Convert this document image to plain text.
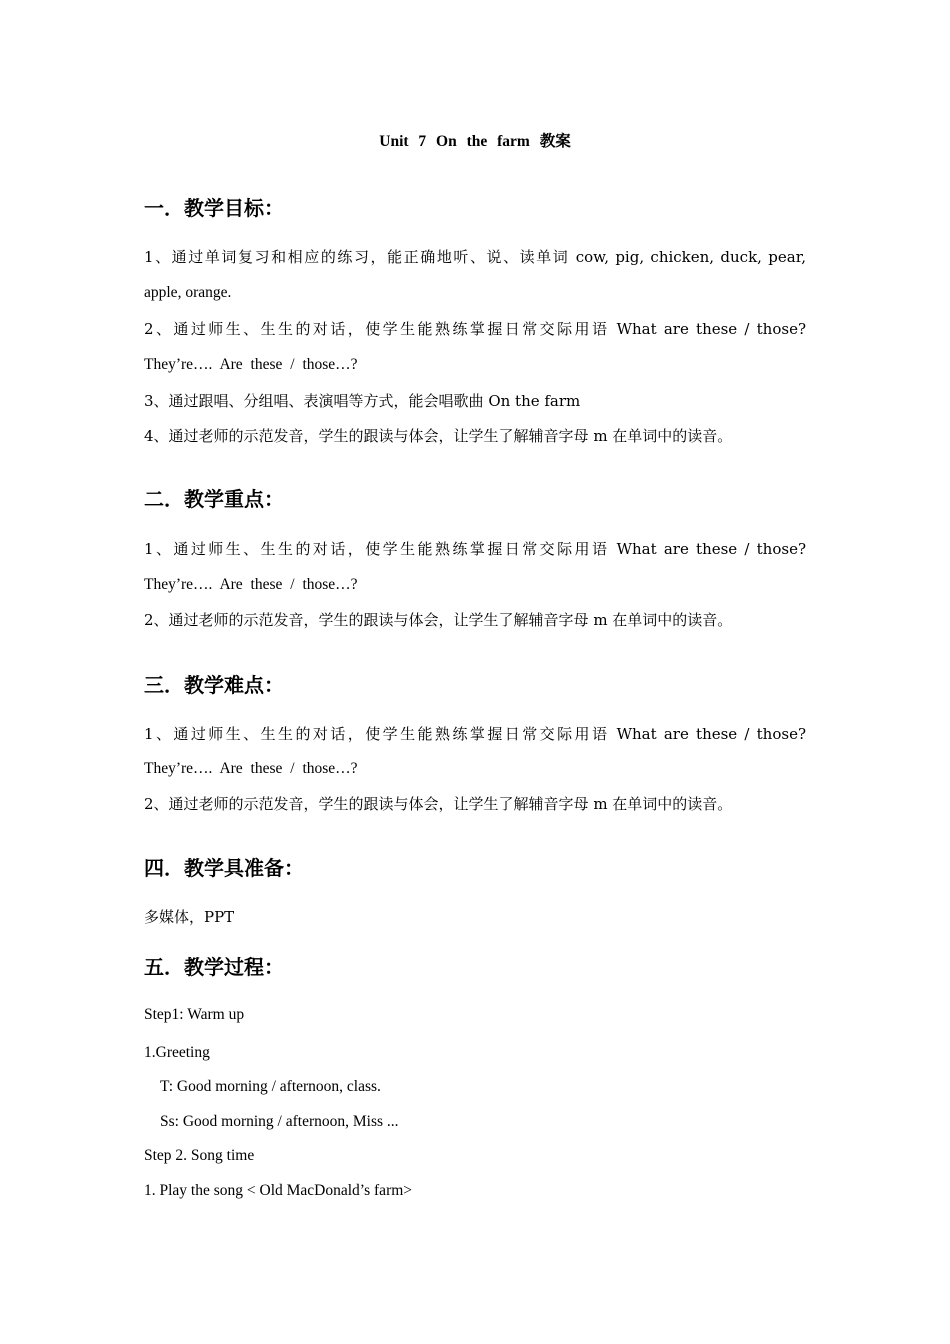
Unit 7 On the farm 教案
一．教学目标：
1、通过单词复习和相应的练习，能正确地听、说、读单词 cow, pig, chicken, duck, pear,
apple, orange.
2、通过师生、生生的对话，使学生能熟练掌握日常交际用语 What are these / those?
They’re…. Are these / those…?
3、通过跟唱、分组唱、表演唱等方式，能会唱歌曲 On the farm
4、通过老师的示范发音，学生的跟读与体会，让学生了解辅音字母 m 在单词中的读音。
二．教学重点：
1、通过师生、生生的对话，使学生能熟练掌握日常交际用语 What are these / those?
They’re…. Are these / those…?
2、通过老师的示范发音，学生的跟读与体会，让学生了解辅音字母 m 在单词中的读音。
三．教学难点：
1、通过师生、生生的对话，使学生能熟练掌握日常交际用语 What are these / those?
They’re…. Are these / those…?
2、通过老师的示范发音，学生的跟读与体会，让学生了解辅音字母 m 在单词中的读音。
四．教学具准备：
多媒体，PPT
五．教学过程：
Step1: Warm up
1.Greeting
T: Good morning / afternoon, class.
Ss: Good morning / afternoon, Miss ...
Step 2. Song time
1. Play the song < Old MacDonald’s farm>
